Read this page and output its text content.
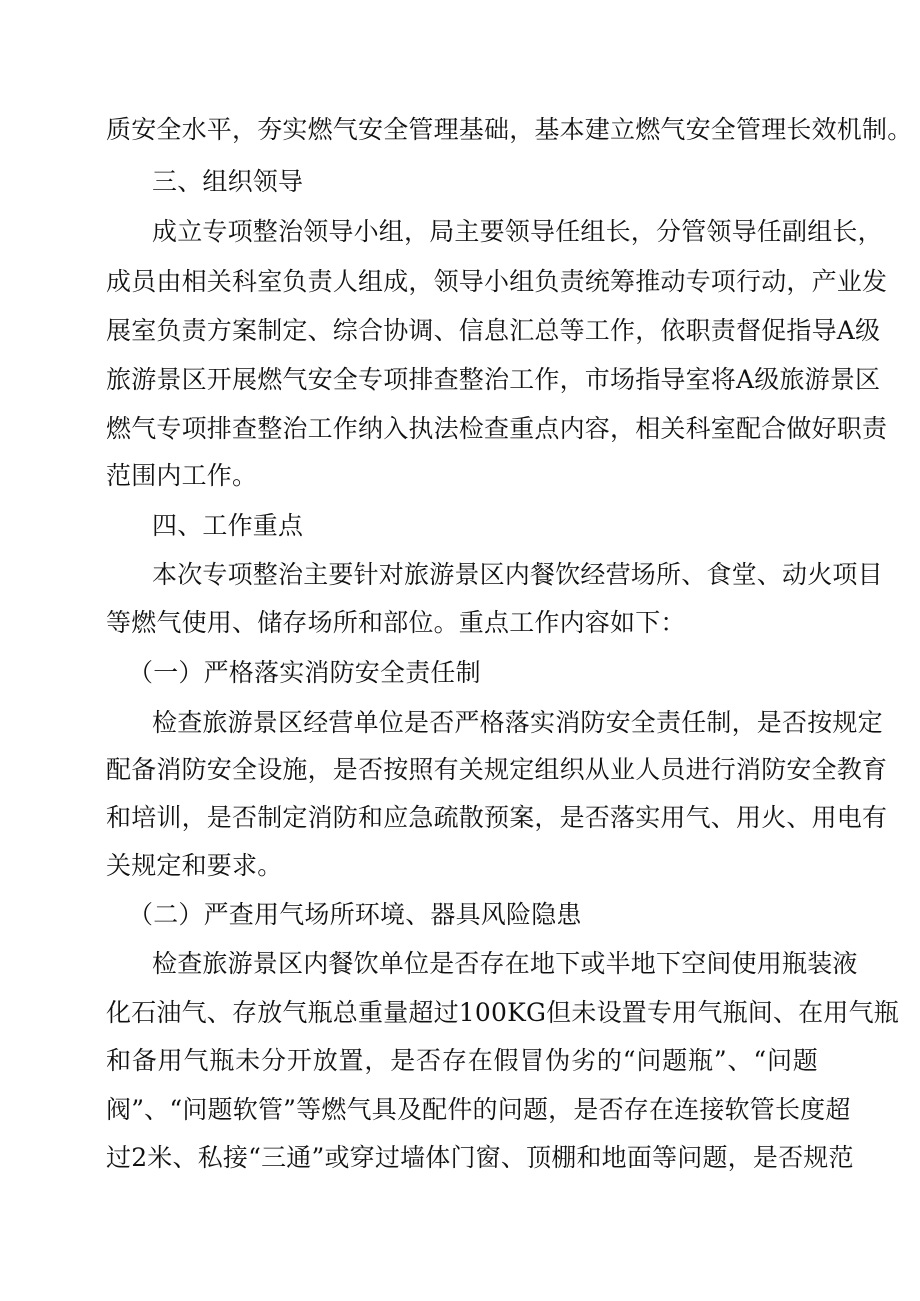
质安全水平，夯实燃气安全管理基础，基本建立燃气安全管理长效机制。
三、组织领导
成立专项整治领导小组，局主要领导任组长，分管领导任副组长，
成员由相关科室负责人组成，领导小组负责统筹推动专项行动，产业发
展室负责方案制定、综合协调、信息汇总等工作，依职责督促指导A级
旅游景区开展燃气安全专项排查整治工作，市场指导室将A级旅游景区
燃气专项排查整治工作纳入执法检查重点内容，相关科室配合做好职责
范围内工作。
四、工作重点
本次专项整治主要针对旅游景区内餐饮经营场所、食堂、动火项目
等燃气使用、储存场所和部位。重点工作内容如下：
（一）严格落实消防安全责任制
检查旅游景区经营单位是否严格落实消防安全责任制，是否按规定
配备消防安全设施，是否按照有关规定组织从业人员进行消防安全教育
和培训，是否制定消防和应急疏散预案，是否落实用气、用火、用电有
关规定和要求。
（二）严查用气场所环境、器具风险隐患
检查旅游景区内餐饮单位是否存在地下或半地下空间使用瓶装液
化石油气、存放气瓶总重量超过100KG但未设置专用气瓶间、在用气瓶
和备用气瓶未分开放置，是否存在假冒伪劣的“问题瓶”、“问题
阀”、“问题软管”等燃气具及配件的问题，是否存在连接软管长度超
过2米、私接“三通”或穿过墙体门窗、顶棚和地面等问题，是否规范
